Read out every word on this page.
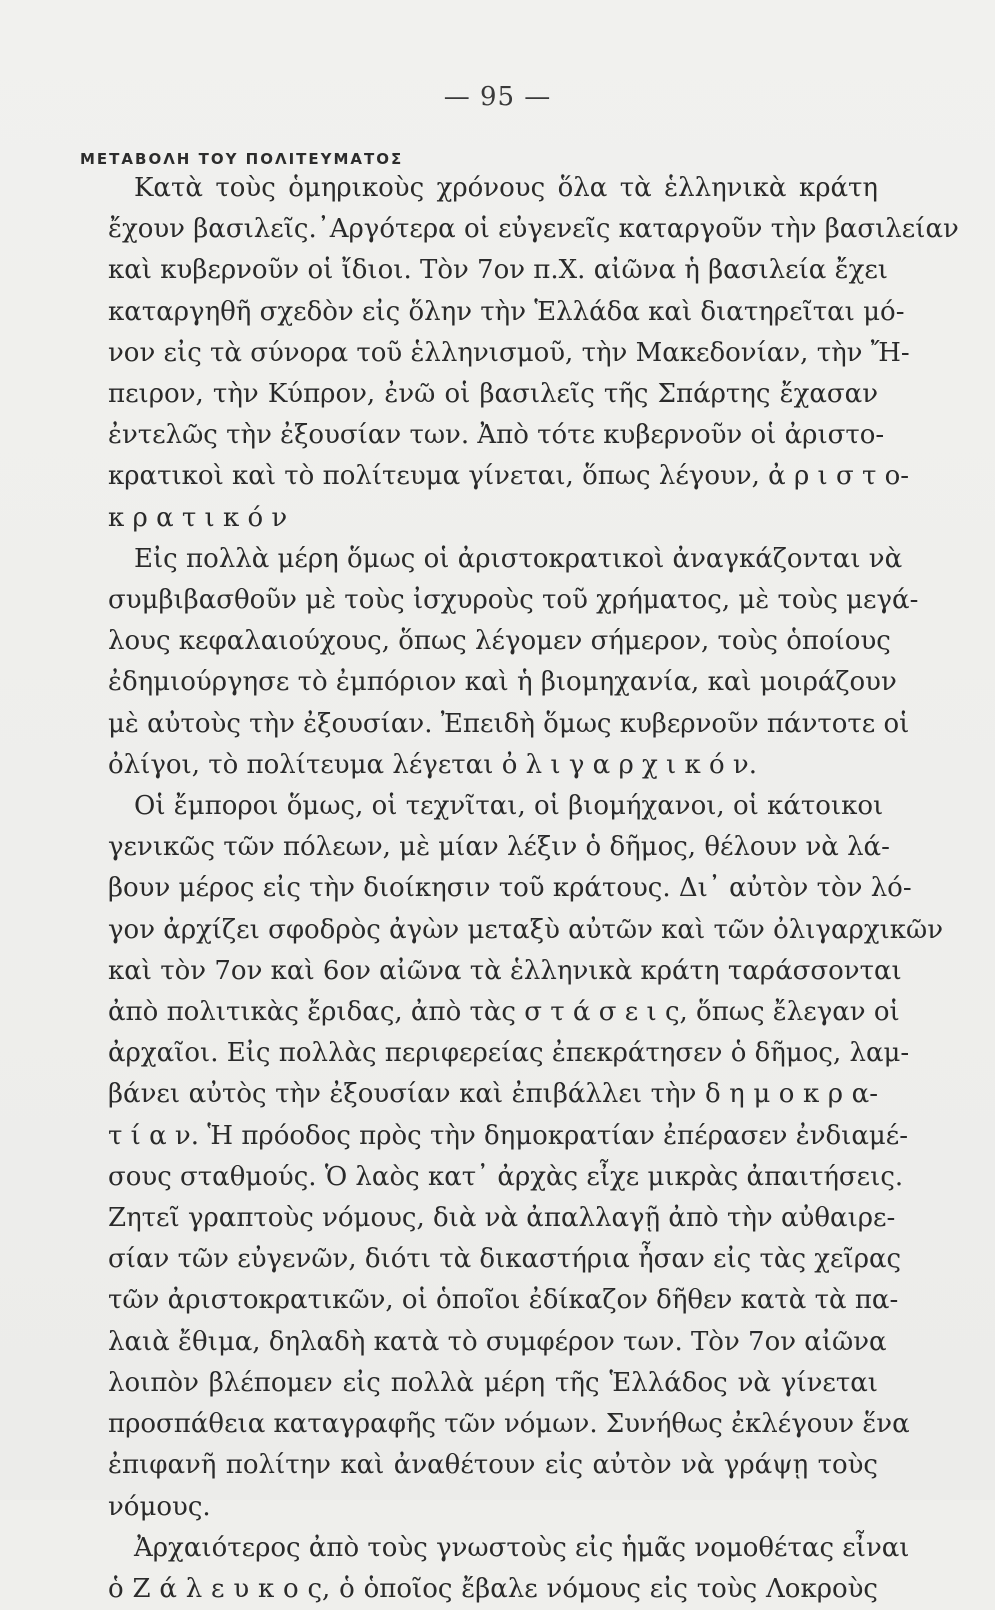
— 95 —
ΜΕΤΑΒΟΛΗ ΤΟΥ ΠΟΛΙΤΕΥΜΑΤΟΣ

Κατὰ τοὺς ὁμηρικοὺς χρόνους ὅλα τὰ ἑλληνικὰ κράτη

ἔχουν βασιλεῖς.᾿Αργότερα οἱ εὐγενεῖς καταργοῦν τὴν βασιλείαν

καὶ κυβερνοῦν οἱ ἴδιοι. Τὸν 7ον π.Χ. αἰῶνα ἡ βασιλεία ἔχει

καταργηθῆ σχεδὸν εἰς ὅλην τὴν Ἑλλάδα καὶ διατηρεῖται μό-

νον εἰς τὰ σύνορα τοῦ ἑλληνισμοῦ, τὴν Μακεδονίαν, τὴν Ἤ-

πειρον, τὴν Κύπρον, ἐνῶ οἱ βασιλεῖς τῆς Σπάρτης ἔχασαν

ἐντελῶς τὴν ἐξουσίαν των. Ἀπὸ τότε κυβερνοῦν οἱ ἀριστο-

κρατικοὶ καὶ τὸ πολίτευμα γίνεται, ὅπως λέγουν, ἀ ρ ι σ τ ο-

κ ρ α τ ι κ ό ν

Εἰς πολλὰ μέρη ὅμως οἱ ἀριστοκρατικοὶ ἀναγκάζονται νὰ

συμβιβασθοῦν μὲ τοὺς ἰσχυροὺς τοῦ χρήματος, μὲ τοὺς μεγά-

λους κεφαλαιούχους, ὅπως λέγομεν σήμερον, τοὺς ὁποίους

ἐδημιούργησε τὸ ἐμπόριον καὶ ἡ βιομηχανία, καὶ μοιράζουν

μὲ αὐτοὺς τὴν ἐξουσίαν. Ἐπειδὴ ὅμως κυβερνοῦν πάντοτε οἱ

ὀλίγοι, τὸ πολίτευμα λέγεται ὀ λ ι γ α ρ χ ι κ ό ν.

Οἱ ἔμποροι ὅμως, οἱ τεχνῖται, οἱ βιομήχανοι, οἱ κάτοικοι

γενικῶς τῶν πόλεων, μὲ μίαν λέξιν ὁ δῆμος, θέλουν νὰ λά-

βουν μέρος εἰς τὴν διοίκησιν τοῦ κράτους. Δι᾿ αὐτὸν τὸν λό-

γον ἀρχίζει σφοδρὸς ἀγὼν μεταξὺ αὐτῶν καὶ τῶν ὀλιγαρχικῶν

καὶ τὸν 7ον καὶ 6ον αἰῶνα τὰ ἑλληνικὰ κράτη ταράσσονται

ἀπὸ πολιτικὰς ἔριδας, ἀπὸ τὰς σ τ ά σ ε ι ς, ὅπως ἔλεγαν οἱ

ἀρχαῖοι. Εἰς πολλὰς περιφερείας ἐπεκράτησεν ὁ δῆμος, λαμ-

βάνει αὐτὸς τὴν ἐξουσίαν καὶ ἐπιβάλλει τὴν δ η μ ο κ ρ α-

τ ί α ν. Ἡ πρόοδος πρὸς τὴν δημοκρατίαν ἐπέρασεν ἐνδιαμέ-

σους σταθμούς. Ὁ λαὸς κατ᾿ ἀρχὰς εἶχε μικρὰς ἀπαιτήσεις.

Ζητεῖ γραπτοὺς νόμους, διὰ νὰ ἀπαλλαγῇ ἀπὸ τὴν αὐθαιρε-

σίαν τῶν εὐγενῶν, διότι τὰ δικαστήρια ἦσαν εἰς τὰς χεῖρας

τῶν ἀριστοκρατικῶν, οἱ ὁποῖοι ἐδίκαζον δῆθεν κατὰ τὰ πα-

λαιὰ ἔθιμα, δηλαδὴ κατὰ τὸ συμφέρον των. Τὸν 7ον αἰῶνα

λοιπὸν βλέπομεν εἰς πολλὰ μέρη τῆς Ἑλλάδος νὰ γίνεται

προσπάθεια καταγραφῆς τῶν νόμων. Συνήθως ἐκλέγουν ἕνα

ἐπιφανῆ πολίτην καὶ ἀναθέτουν εἰς αὐτὸν νὰ γράψῃ τοὺς

νόμους.

Ἀρχαιότερος ἀπὸ τοὺς γνωστοὺς εἰς ἡμᾶς νομοθέτας εἶναι

ὁ Ζ ά λ ε υ κ ο ς, ὁ ὁποῖος ἔβαλε νόμους εἰς τοὺς Λοκροὺς
